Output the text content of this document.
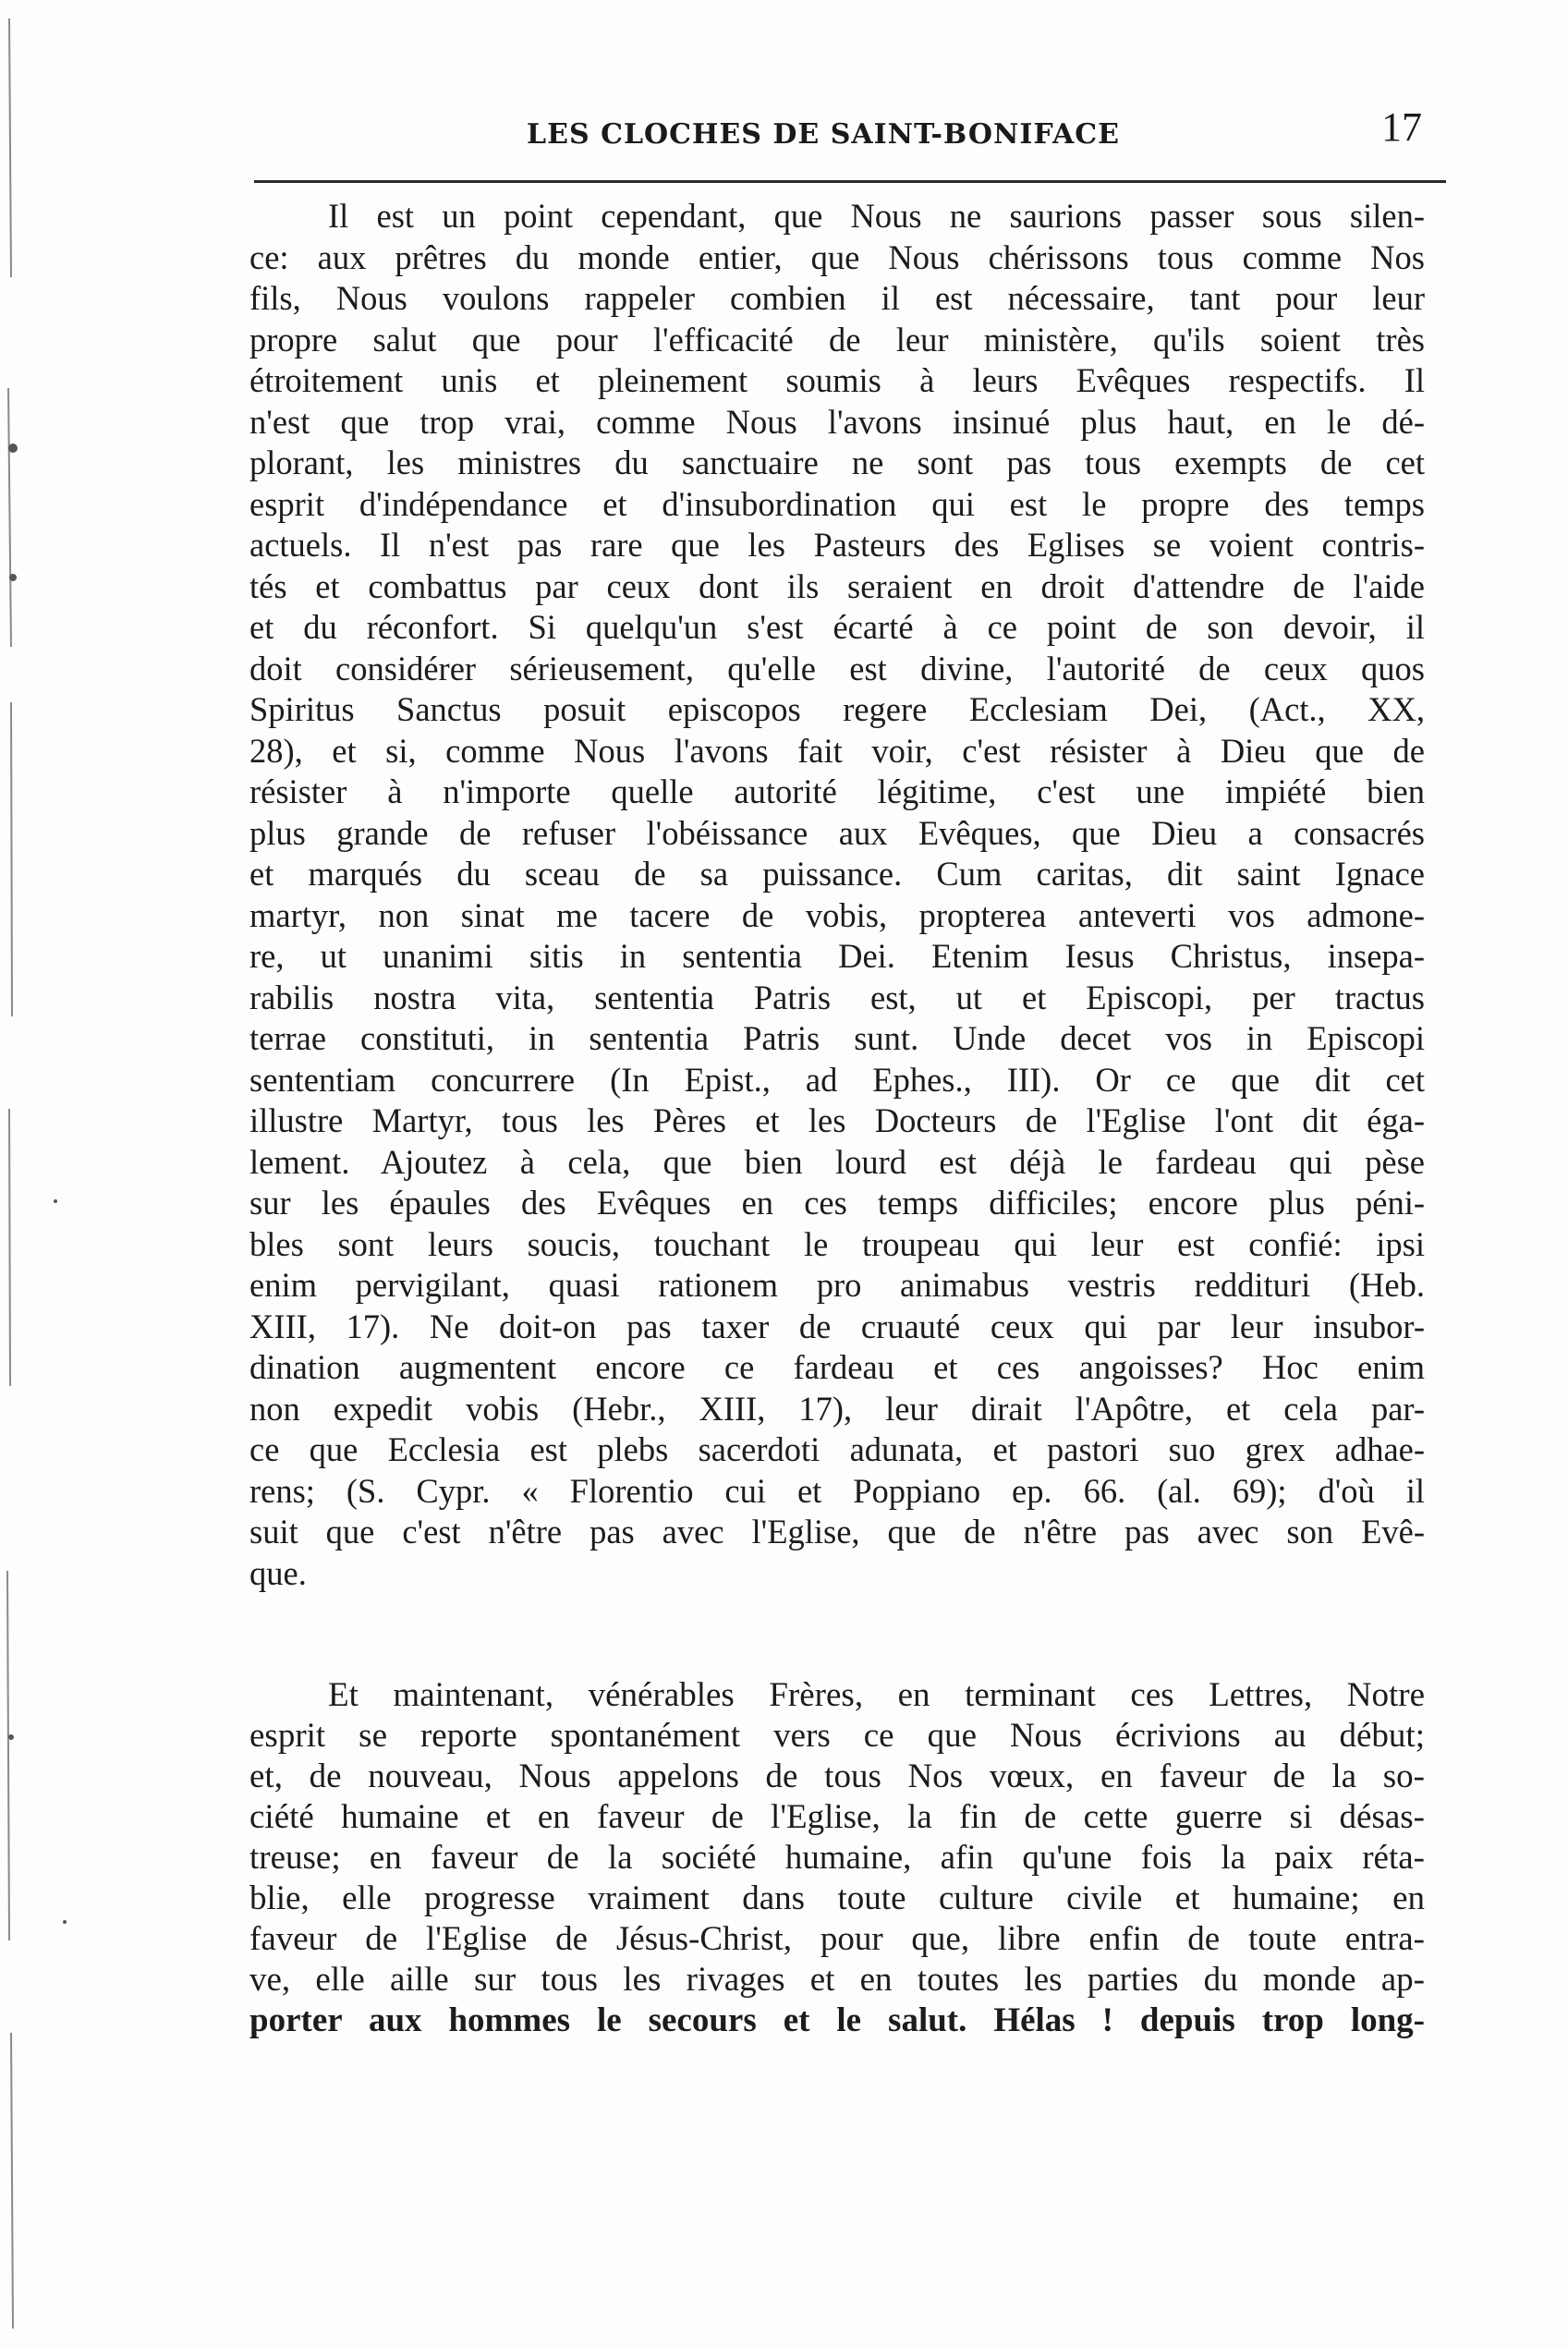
LES CLOCHES DE SAINT-BONIFACE	17
Il est un point cependant, que Nous ne saurions passer sous silen-
ce: aux prêtres du monde entier, que Nous chérissons tous comme Nos
fils, Nous voulons rappeler combien il est nécessaire, tant pour leur
propre salut que pour l'efficacité de leur ministère, qu'ils soient très
étroitement unis et pleinement soumis à leurs Evêques respectifs. Il
n'est que trop vrai, comme Nous l'avons insinué plus haut, en le dé-
plorant, les ministres du sanctuaire ne sont pas tous exempts de cet
esprit d'indépendance et d'insubordination qui est le propre des temps
actuels. Il n'est pas rare que les Pasteurs des Eglises se voient contris-
tés et combattus par ceux dont ils seraient en droit d'attendre de l'aide
et du réconfort. Si quelqu'un s'est écarté à ce point de son devoir, il
doit considérer sérieusement, qu'elle est divine, l'autorité de ceux quos
Spiritus Sanctus posuit episcopos regere Ecclesiam Dei, (Act., XX,
28), et si, comme Nous l'avons fait voir, c'est résister à Dieu que de
résister à n'importe quelle autorité légitime, c'est une impiété bien
plus grande de refuser l'obéissance aux Evêques, que Dieu a consacrés
et marqués du sceau de sa puissance. Cum caritas, dit saint Ignace
martyr, non sinat me tacere de vobis, propterea anteverti vos admone-
re, ut unanimi sitis in sententia Dei. Etenim Iesus Christus, insepa-
rabilis nostra vita, sententia Patris est, ut et Episcopi, per tractus
terrae constituti, in sententia Patris sunt. Unde decet vos in Episcopi
sententiam concurrere (In Epist., ad Ephes., III). Or ce que dit cet
illustre Martyr, tous les Pères et les Docteurs de l'Eglise l'ont dit éga-
lement. Ajoutez à cela, que bien lourd est déjà le fardeau qui pèse
sur les épaules des Evêques en ces temps difficiles; encore plus péni-
bles sont leurs soucis, touchant le troupeau qui leur est confié: ipsi
enim pervigilant, quasi rationem pro animabus vestris reddituri (Heb.
XIII, 17). Ne doit-on pas taxer de cruauté ceux qui par leur insubor-
dination augmentent encore ce fardeau et ces angoisses? Hoc enim
non expedit vobis (Hebr., XIII, 17), leur dirait l'Apôtre, et cela par-
ce que Ecclesia est plebs sacerdoti adunata, et pastori suo grex adhae-
rens; (S. Cypr. « Florentio cui et Poppiano ep. 66. (al. 69); d'où il
suit que c'est n'être pas avec l'Eglise, que de n'être pas avec son Evê-
que.
Et maintenant, vénérables Frères, en terminant ces Lettres, Notre
esprit se reporte spontanément vers ce que Nous écrivions au début;
et, de nouveau, Nous appelons de tous Nos vœux, en faveur de la so-
ciété humaine et en faveur de l'Eglise, la fin de cette guerre si désas-
treuse; en faveur de la société humaine, afin qu'une fois la paix réta-
blie, elle progresse vraiment dans toute culture civile et humaine; en
faveur de l'Eglise de Jésus-Christ, pour que, libre enfin de toute entra-
ve, elle aille sur tous les rivages et en toutes les parties du monde ap-
porter aux hommes le secours et le salut. Hélas ! depuis trop long-
